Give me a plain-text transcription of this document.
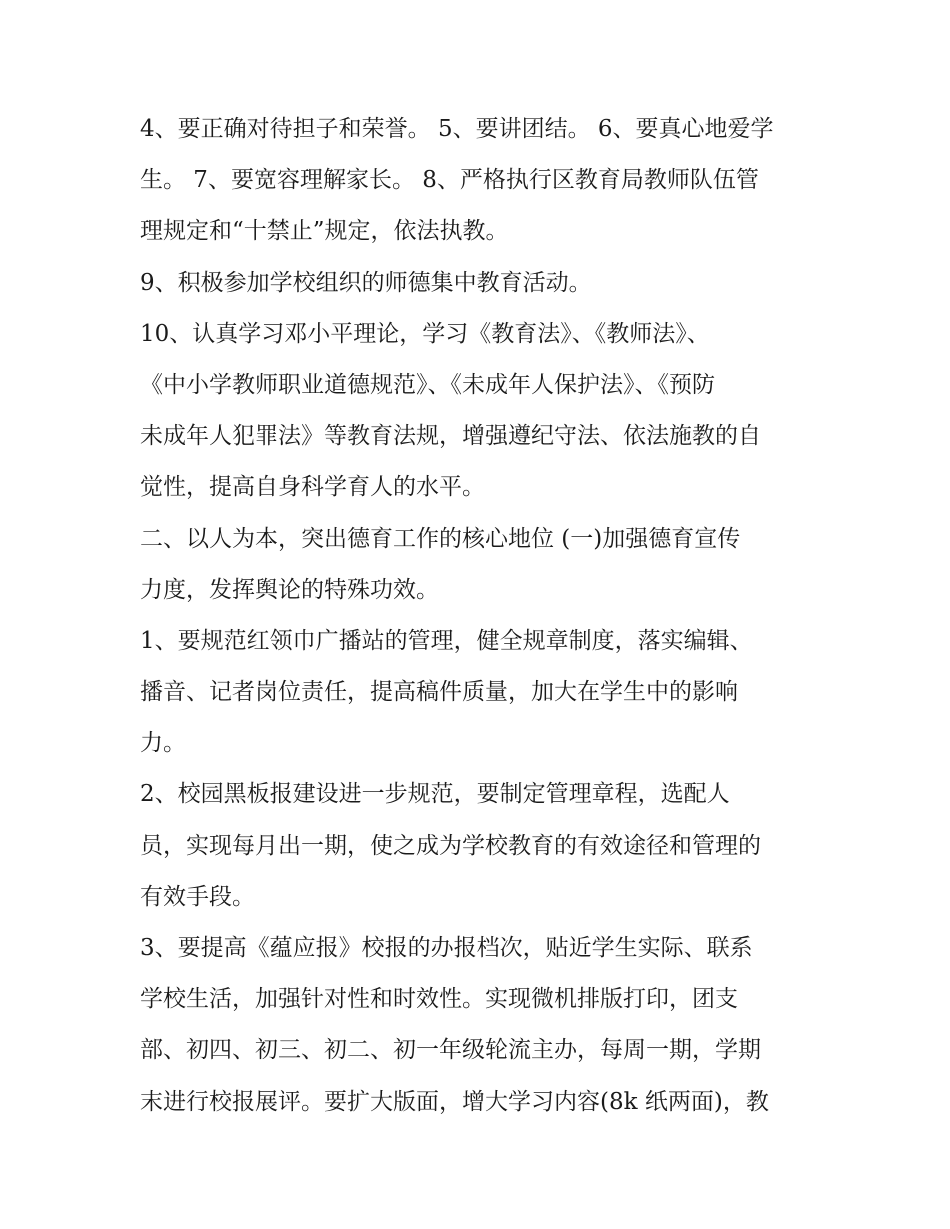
4、要正确对待担子和荣誉。 5、要讲团结。 6、要真心地爱学
生。 7、要宽容理解家长。 8、严格执行区教育局教师队伍管
理规定和“十禁止”规定，依法执教。
9、积极参加学校组织的师德集中教育活动。
10、认真学习邓小平理论，学习《教育法》、《教师法》、
《中小学教师职业道德规范》、《未成年人保护法》、《预防
未成年人犯罪法》等教育法规，增强遵纪守法、依法施教的自
觉性，提高自身科学育人的水平。
二、以人为本，突出德育工作的核心地位 (一)加强德育宣传
力度，发挥舆论的特殊功效。
1、要规范红领巾广播站的管理，健全规章制度，落实编辑、
播音、记者岗位责任，提高稿件质量，加大在学生中的影响
力。
2、校园黑板报建设进一步规范，要制定管理章程，选配人
员，实现每月出一期，使之成为学校教育的有效途径和管理的
有效手段。
3、要提高《蕴应报》校报的办报档次，贴近学生实际、联系
学校生活，加强针对性和时效性。实现微机排版打印，团支
部、初四、初三、初二、初一年级轮流主办，每周一期，学期
末进行校报展评。要扩大版面，增大学习内容(8k 纸两面)，教
